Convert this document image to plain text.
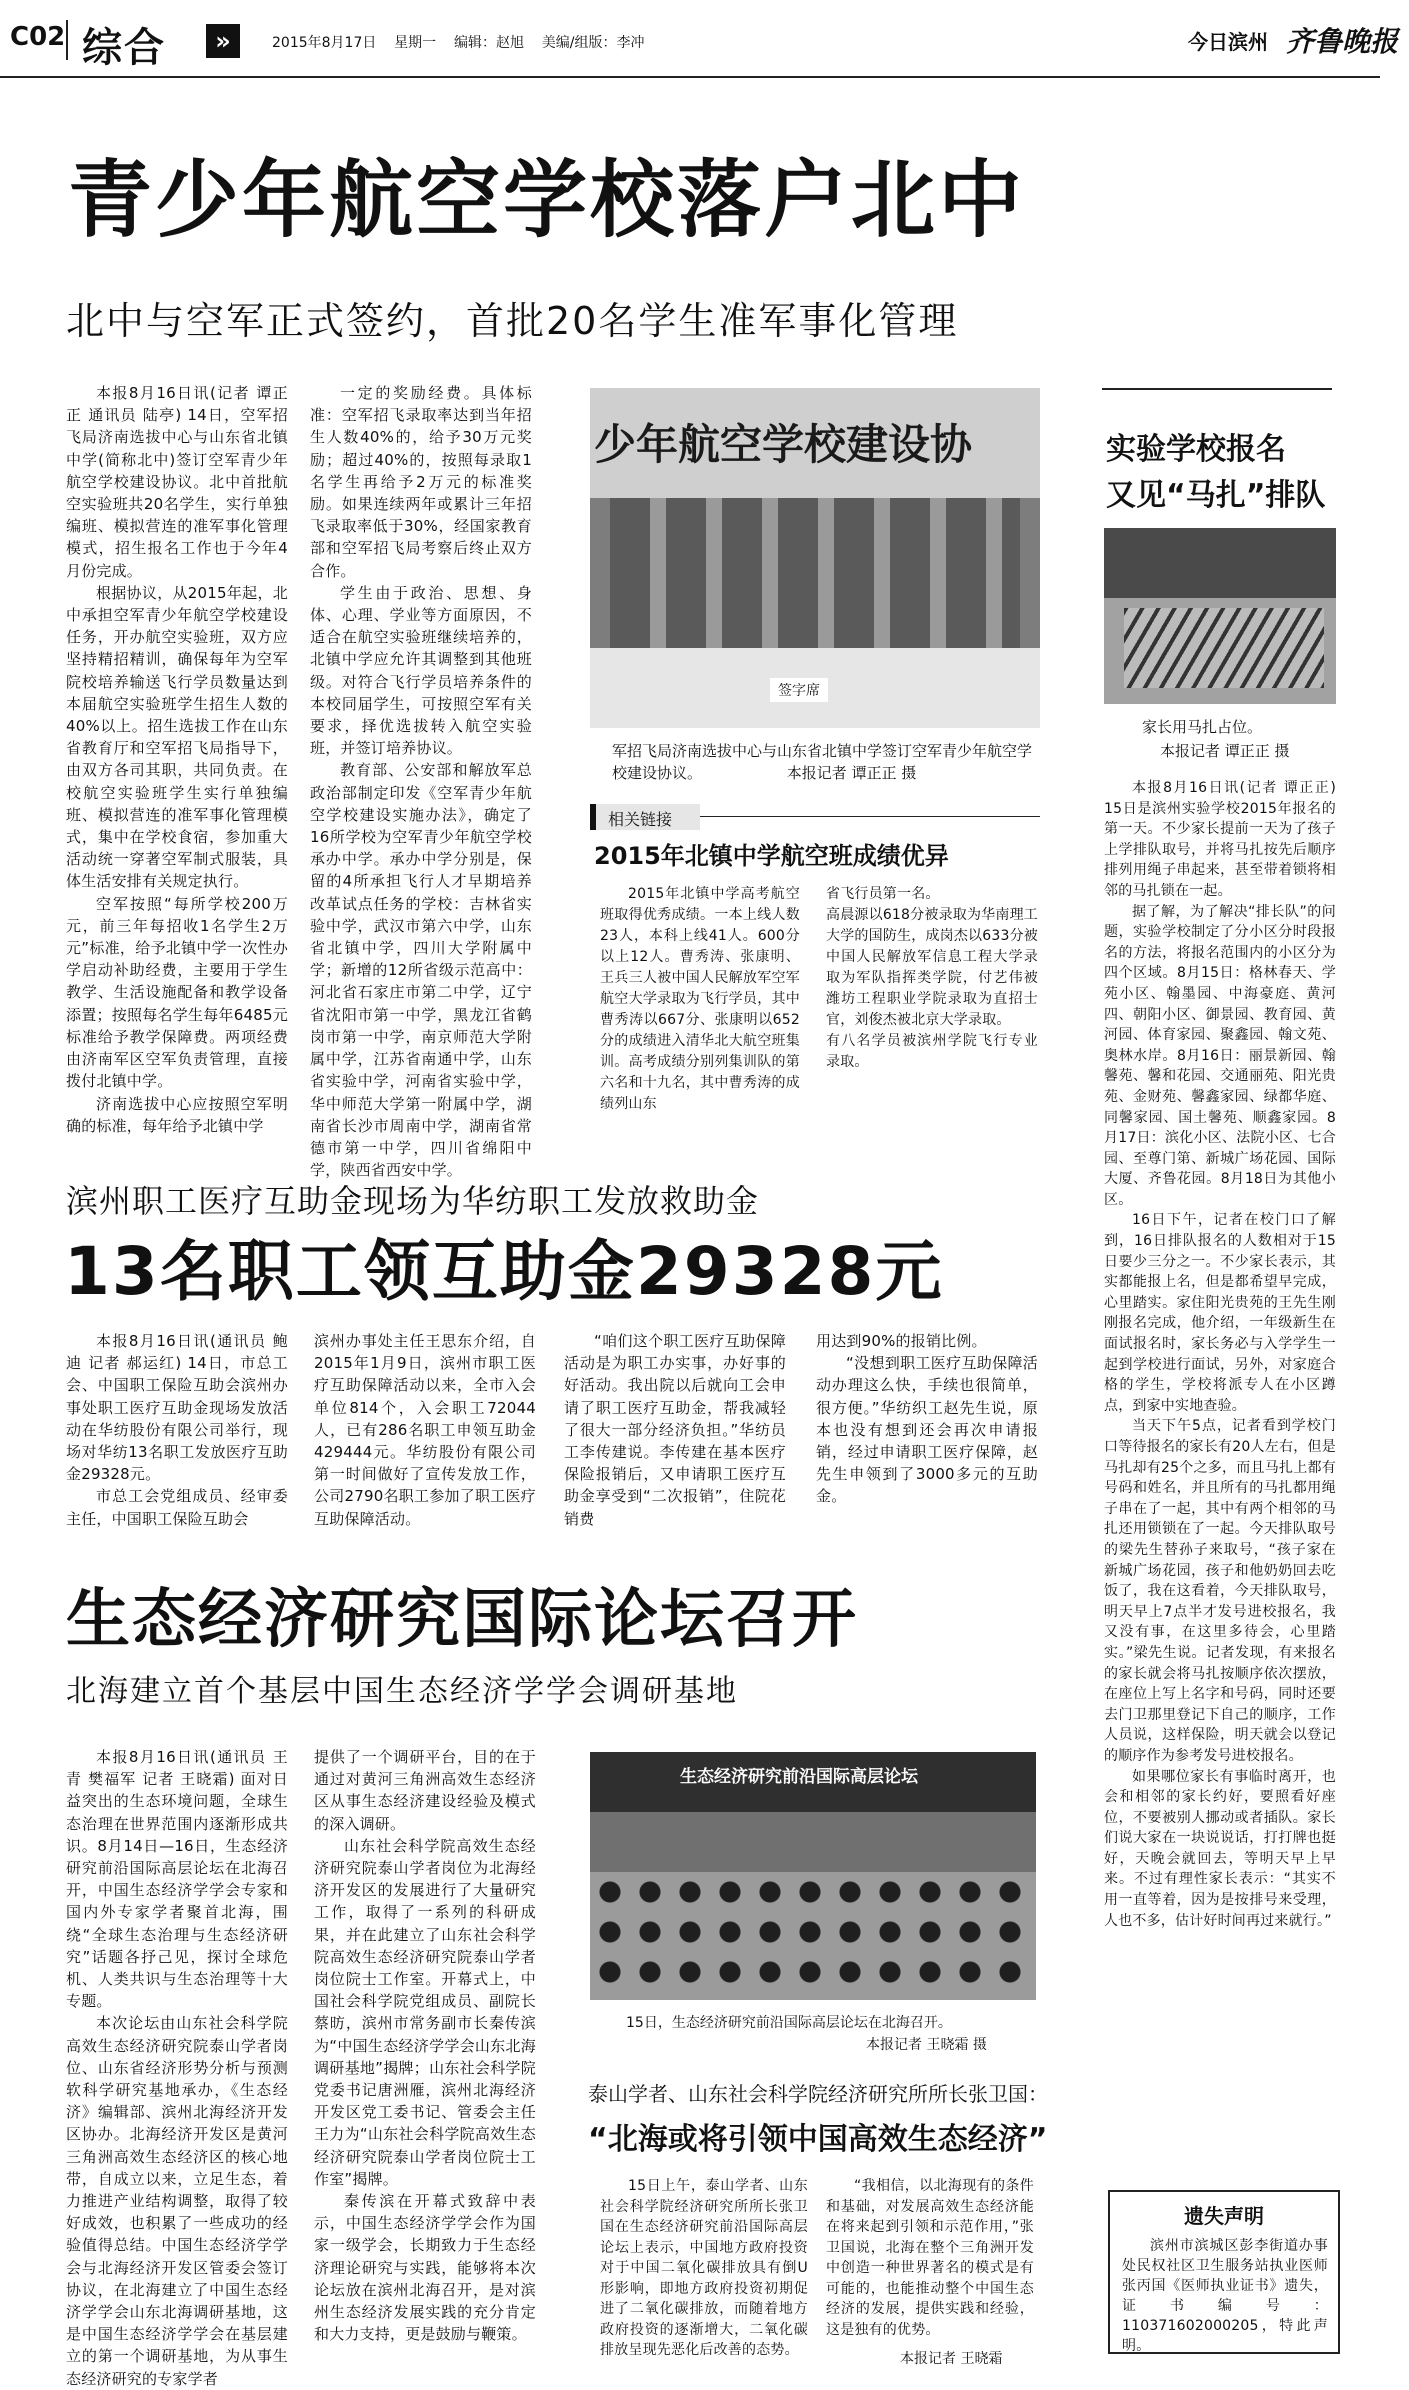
C02 综合	»	2015年8月17日    星期一    编辑：赵旭    美编/组版：李冲	今日滨州 齐鲁晚报
青少年航空学校落户北中
北中与空军正式签约，首批20名学生准军事化管理

本报8月16日讯(记者 谭正正 通讯员 陆亭) 14日，空军招飞局济南选拔中心与山东省北镇中学(简称北中)签订空军青少年航空学校建设协议。北中首批航空实验班共20名学生，实行单独编班、模拟营连的准军事化管理模式，招生报名工作也于今年4月份完成。

根据协议，从2015年起，北中承担空军青少年航空学校建设任务，开办航空实验班，双方应坚持精招精训，确保每年为空军院校培养输送飞行学员数量达到本届航空实验班学生招生人数的40%以上。招生选拔工作在山东省教育厅和空军招飞局指导下，由双方各司其职，共同负责。在校航空实验班学生实行单独编班、模拟营连的准军事化管理模式，集中在学校食宿，参加重大活动统一穿著空军制式服装，具体生活安排有关规定执行。

空军按照“每所学校200万元，前三年每招收1名学生2万元”标准，给予北镇中学一次性办学启动补助经费，主要用于学生教学、生活设施配备和教学设备添置；按照每名学生每年6485元标准给予教学保障费。两项经费由济南军区空军负责管理，直接拨付北镇中学。

济南选拔中心应按照空军明确的标准，每年给予北镇中学

一定的奖励经费。具体标准：空军招飞录取率达到当年招生人数40%的，给予30万元奖励；超过40%的，按照每录取1名学生再给予2万元的标准奖励。如果连续两年或累计三年招飞录取率低于30%，经国家教育部和空军招飞局考察后终止双方合作。

学生由于政治、思想、身体、心理、学业等方面原因，不适合在航空实验班继续培养的，北镇中学应允许其调整到其他班级。对符合飞行学员培养条件的本校同届学生，可按照空军有关要求，择优选拔转入航空实验班，并签订培养协议。

教育部、公安部和解放军总政治部制定印发《空军青少年航空学校建设实施办法》，确定了16所学校为空军青少年航空学校承办中学。承办中学分别是，保留的4所承担飞行人才早期培养改革试点任务的学校：吉林省实验中学，武汉市第六中学，山东省北镇中学，四川大学附属中学；新增的12所省级示范高中：河北省石家庄市第二中学，辽宁省沈阳市第一中学，黑龙江省鹤岗市第一中学，南京师范大学附属中学，江苏省南通中学，山东省实验中学，河南省实验中学，华中师范大学第一附属中学，湖南省长沙市周南中学，湖南省常德市第一中学，四川省绵阳中学，陕西省西安中学。

少年航空学校建设协
签字席
军招飞局济南选拔中心与山东省北镇中学签订空军青少年航空学校建设协议。	本报记者 谭正正 摄
相关链接
2015年北镇中学航空班成绩优异
2015年北镇中学高考航空班取得优秀成绩。一本上线人数23人，本科上线41人。600分以上12人。曹秀涛、张康明、王兵三人被中国人民解放军空军航空大学录取为飞行学员，其中曹秀涛以667分、张康明以652分的成绩进入清华北大航空班集训。高考成绩分别列集训队的第六名和十九名，其中曹秀涛的成绩列山东
省飞行员第一名。
高晨源以618分被录取为华南理工大学的国防生，成岗杰以633分被中国人民解放军信息工程大学录取为军队指挥类学院，付艺伟被潍坊工程职业学院录取为直招士官，刘俊杰被北京大学录取。
有八名学员被滨州学院飞行专业录取。
实验学校报名
又见“马扎”排队
家长用马扎占位。
本报记者 谭正正 摄

本报8月16日讯(记者 谭正正) 15日是滨州实验学校2015年报名的第一天。不少家长提前一天为了孩子上学排队取号，并将马扎按先后顺序排列用绳子串起来，甚至带着锁将相邻的马扎锁在一起。

据了解，为了解决“排长队”的问题，实验学校制定了分小区分时段报名的方法，将报名范围内的小区分为四个区域。8月15日：格林春天、学苑小区、翰墨园、中海豪庭、黄河四、朝阳小区、御景园、教育园、黄河园、体育家园、聚鑫园、翰文苑、奥林水岸。8月16日：丽景新园、翰馨苑、馨和花园、交通丽苑、阳光贵苑、金财苑、馨鑫家园、绿都华庭、同馨家园、国土馨苑、顺鑫家园。8月17日：滨化小区、法院小区、七合园、至尊门第、新城广场花园、国际大厦、齐鲁花园。8月18日为其他小区。

16日下午，记者在校门口了解到，16日排队报名的人数相对于15日要少三分之一。不少家长表示，其实都能报上名，但是都希望早完成，心里踏实。家住阳光贵苑的王先生刚刚报名完成，他介绍，一年级新生在面试报名时，家长务必与入学学生一起到学校进行面试，另外，对家庭合格的学生，学校将派专人在小区蹲点，到家中实地查验。

当天下午5点，记者看到学校门口等待报名的家长有20人左右，但是马扎却有25个之多，而且马扎上都有号码和姓名，并且所有的马扎都用绳子串在了一起，其中有两个相邻的马扎还用锁锁在了一起。今天排队取号的梁先生替孙子来取号，“孩子家在新城广场花园，孩子和他奶奶回去吃饭了，我在这看着，今天排队取号，明天早上7点半才发号进校报名，我又没有事，在这里多待会，心里踏实。”梁先生说。记者发现，有来报名的家长就会将马扎按顺序依次摆放，在座位上写上名字和号码，同时还要去门卫那里登记下自己的顺序，工作人员说，这样保险，明天就会以登记的顺序作为参考发号进校报名。

如果哪位家长有事临时离开，也会和相邻的家长约好，要照看好座位，不要被别人挪动或者插队。家长们说大家在一块说说话，打打牌也挺好，天晚会就回去，等明天早上早来。不过有理性家长表示：“其实不用一直等着，因为是按排号来受理，人也不多，估计好时间再过来就行。”

遗失声明
滨州市滨城区彭李街道办事处民权社区卫生服务站执业医师张丙国《医师执业证书》遗失，证书编号：110371602000205，特此声明。
滨州职工医疗互助金现场为华纺职工发放救助金
13名职工领互助金29328元

本报8月16日讯(通讯员 鲍迪 记者 郝运红) 14日，市总工会、中国职工保险互助会滨州办事处职工医疗互助金现场发放活动在华纺股份有限公司举行，现场对华纺13名职工发放医疗互助金29328元。

市总工会党组成员、经审委主任，中国职工保险互助会

滨州办事处主任王思东介绍，自2015年1月9日，滨州市职工医疗互助保障活动以来，全市入会单位814个，入会职工72044人，已有286名职工申领互助金429444元。华纺股份有限公司第一时间做好了宣传发放工作，公司2790名职工参加了职工医疗互助保障活动。

“咱们这个职工医疗互助保障活动是为职工办实事，办好事的好活动。我出院以后就向工会申请了职工医疗互助金，帮我减轻了很大一部分经济负担。”华纺员工李传建说。李传建在基本医疗保险报销后，又申请职工医疗互助金享受到“二次报销”，住院花销费

用达到90%的报销比例。

“没想到职工医疗互助保障活动办理这么快，手续也很简单，很方便。”华纺织工赵先生说，原本也没有想到还会再次申请报销，经过申请职工医疗保障，赵先生申领到了3000多元的互助金。

生态经济研究国际论坛召开
北海建立首个基层中国生态经济学学会调研基地

本报8月16日讯(通讯员 王青 樊福军 记者 王晓霜) 面对日益突出的生态环境问题，全球生态治理在世界范围内逐渐形成共识。8月14日—16日，生态经济研究前沿国际高层论坛在北海召开，中国生态经济学学会专家和国内外专家学者聚首北海，围绕“全球生态治理与生态经济研究”话题各抒己见，探讨全球危机、人类共识与生态治理等十大专题。

本次论坛由山东社会科学院高效生态经济研究院泰山学者岗位、山东省经济形势分析与预测软科学研究基地承办，《生态经济》编辑部、滨州北海经济开发区协办。北海经济开发区是黄河三角洲高效生态经济区的核心地带，自成立以来，立足生态，着力推进产业结构调整，取得了较好成效，也积累了一些成功的经验值得总结。中国生态经济学学会与北海经济开发区管委会签订协议，在北海建立了中国生态经济学学会山东北海调研基地，这是中国生态经济学学会在基层建立的第一个调研基地，为从事生态经济研究的专家学者

提供了一个调研平台，目的在于通过对黄河三角洲高效生态经济区从事生态经济建设经验及模式的深入调研。

山东社会科学院高效生态经济研究院泰山学者岗位为北海经济开发区的发展进行了大量研究工作，取得了一系列的科研成果，并在此建立了山东社会科学院高效生态经济研究院泰山学者岗位院士工作室。开幕式上，中国社会科学院党组成员、副院长蔡昉，滨州市常务副市长秦传滨为“中国生态经济学学会山东北海调研基地”揭牌；山东社会科学院党委书记唐洲雁，滨州北海经济开发区党工委书记、管委会主任王力为“山东社会科学院高效生态经济研究院泰山学者岗位院士工作室”揭牌。

秦传滨在开幕式致辞中表示，中国生态经济学学会作为国家一级学会，长期致力于生态经济理论研究与实践，能够将本次论坛放在滨州北海召开，是对滨州生态经济发展实践的充分肯定和大力支持，更是鼓励与鞭策。

生态经济研究前沿国际高层论坛
15日，生态经济研究前沿国际高层论坛在北海召开。
本报记者 王晓霜 摄
泰山学者、山东社会科学院经济研究所所长张卫国：
“北海或将引领中国高效生态经济”
15日上午，泰山学者、山东社会科学院经济研究所所长张卫国在生态经济研究前沿国际高层论坛上表示，中国地方政府投资对于中国二氧化碳排放具有倒U形影响，即地方政府投资初期促进了二氧化碳排放，而随着地方政府投资的逐渐增大，二氧化碳排放呈现先恶化后改善的态势。
“我相信，以北海现有的条件和基础，对发展高效生态经济能在将来起到引领和示范作用，”张卫国说，北海在整个三角洲开发中创造一种世界著名的模式是有可能的，也能推动整个中国生态经济的发展，提供实践和经验，这是独有的优势。
本报记者 王晓霜
